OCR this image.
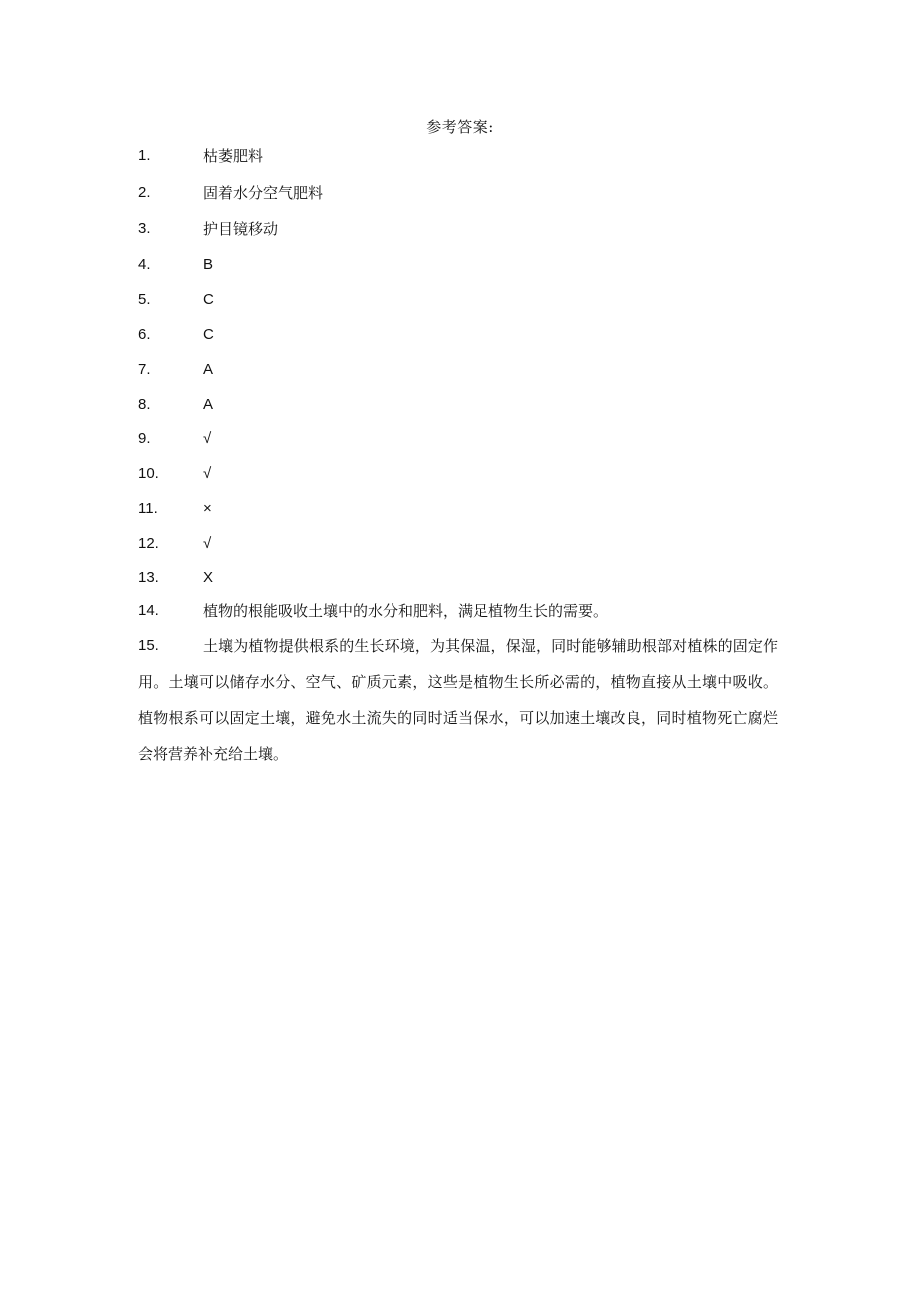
参考答案:
1.	枯萎肥料
2.	固着水分空气肥料
3.	护目镜移动
4.	B
5.	C
6.	C
7.	A
8.	A
9.	√
10.	√
11.	×
12.	√
13.	X
14.	植物的根能吸收土壤中的水分和肥料，满足植物生长的需要。
15.	土壤为植物提供根系的生长环境，为其保温，保湿，同时能够辅助根部对植株的固定作用。土壤可以储存水分、空气、矿质元素，这些是植物生长所必需的，植物直接从土壤中吸收。植物根系可以固定土壤，避免水土流失的同时适当保水，可以加速土壤改良，同时植物死亡腐烂会将营养补充给土壤。
